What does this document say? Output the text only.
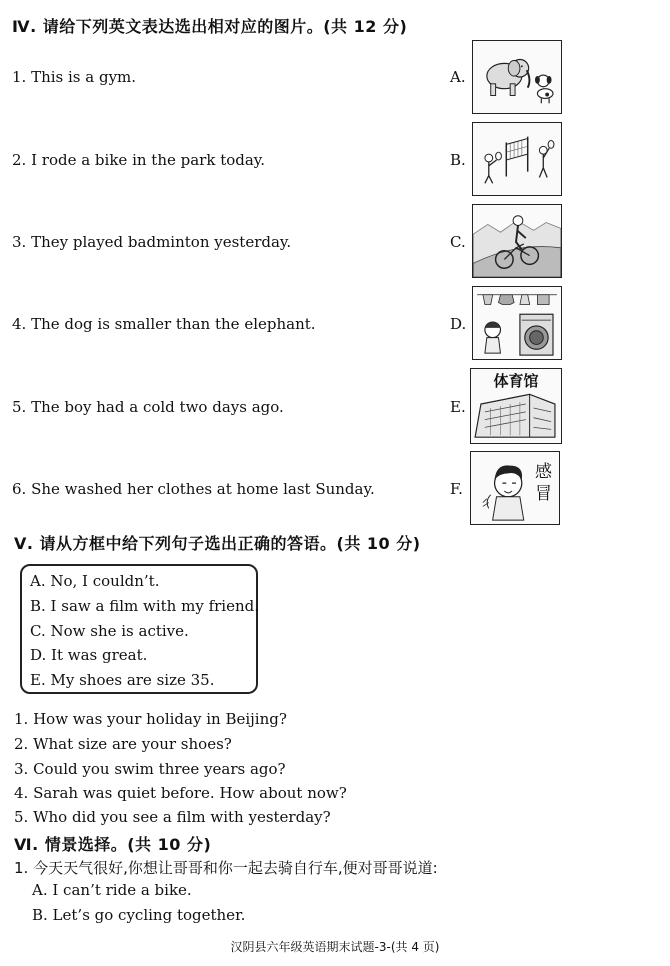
Ⅳ. 请给下列英文表达选出相对应的图片。(共 12 分)
1. This is a gym.
2. I rode a bike in the park today.
3. They played badminton yesterday.
4. The dog is smaller than the elephant.
5. The boy had a cold two days ago.
6. She washed her clothes at home last Sunday.
A.
B.
C.
D.
E.
F.
体育馆
感
冒
Ⅴ. 请从方框中给下列句子选出正确的答语。(共 10 分)
A. No, I couldn’t.
B. I saw a film with my friend.
C. Now she is active.
D. It was great.
E. My shoes are size 35.
1. How was your holiday in Beijing?
2. What size are your shoes?
3. Could you swim three years ago?
4. Sarah was quiet before. How about now?
5. Who did you see a film with yesterday?
Ⅵ. 情景选择。(共 10 分)
1. 今天天气很好,你想让哥哥和你一起去骑自行车,便对哥哥说道:
A. I can’t ride a bike.
B. Let’s go cycling together.
汉阴县六年级英语期末试题-3-(共 4 页)
